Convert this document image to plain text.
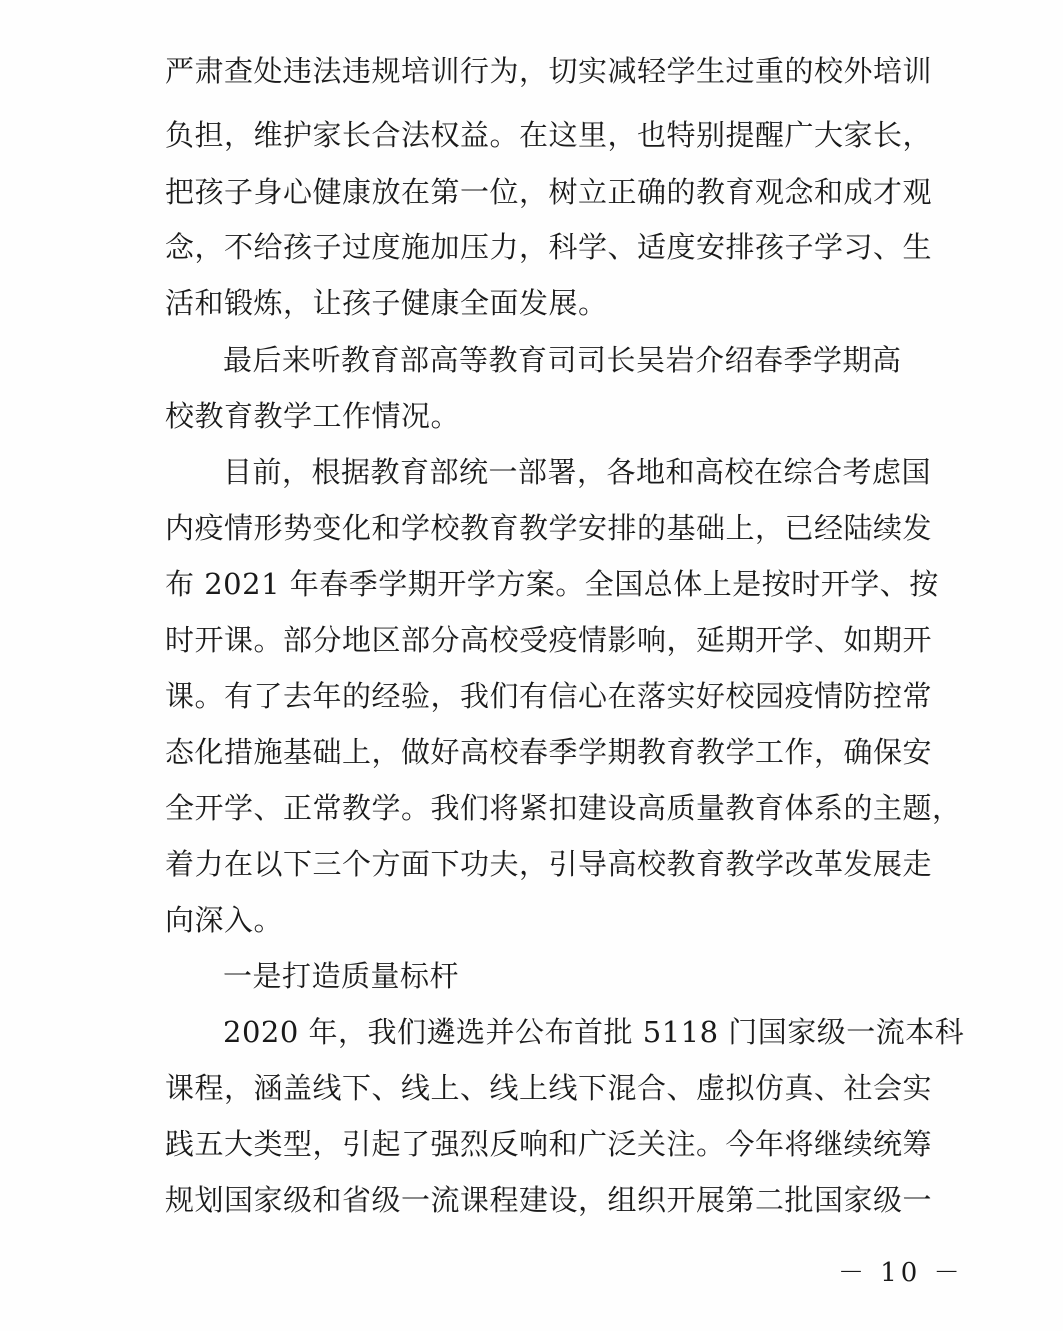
严肃查处违法违规培训行为，切实减轻学生过重的校外培训
负担，维护家长合法权益。在这里，也特别提醒广大家长，
把孩子身心健康放在第一位，树立正确的教育观念和成才观
念，不给孩子过度施加压力，科学、适度安排孩子学习、生
活和锻炼，让孩子健康全面发展。
最后来听教育部高等教育司司长吴岩介绍春季学期高
校教育教学工作情况。
目前，根据教育部统一部署，各地和高校在综合考虑国
内疫情形势变化和学校教育教学安排的基础上，已经陆续发
布 2021 年春季学期开学方案。全国总体上是按时开学、按
时开课。部分地区部分高校受疫情影响，延期开学、如期开
课。有了去年的经验，我们有信心在落实好校园疫情防控常
态化措施基础上，做好高校春季学期教育教学工作，确保安
全开学、正常教学。我们将紧扣建设高质量教育体系的主题，
着力在以下三个方面下功夫，引导高校教育教学改革发展走
向深入。
一是打造质量标杆
2020 年，我们遴选并公布首批 5118 门国家级一流本科
课程，涵盖线下、线上、线上线下混合、虚拟仿真、社会实
践五大类型，引起了强烈反响和广泛关注。今年将继续统筹
规划国家级和省级一流课程建设，组织开展第二批国家级一
－ 10 －
